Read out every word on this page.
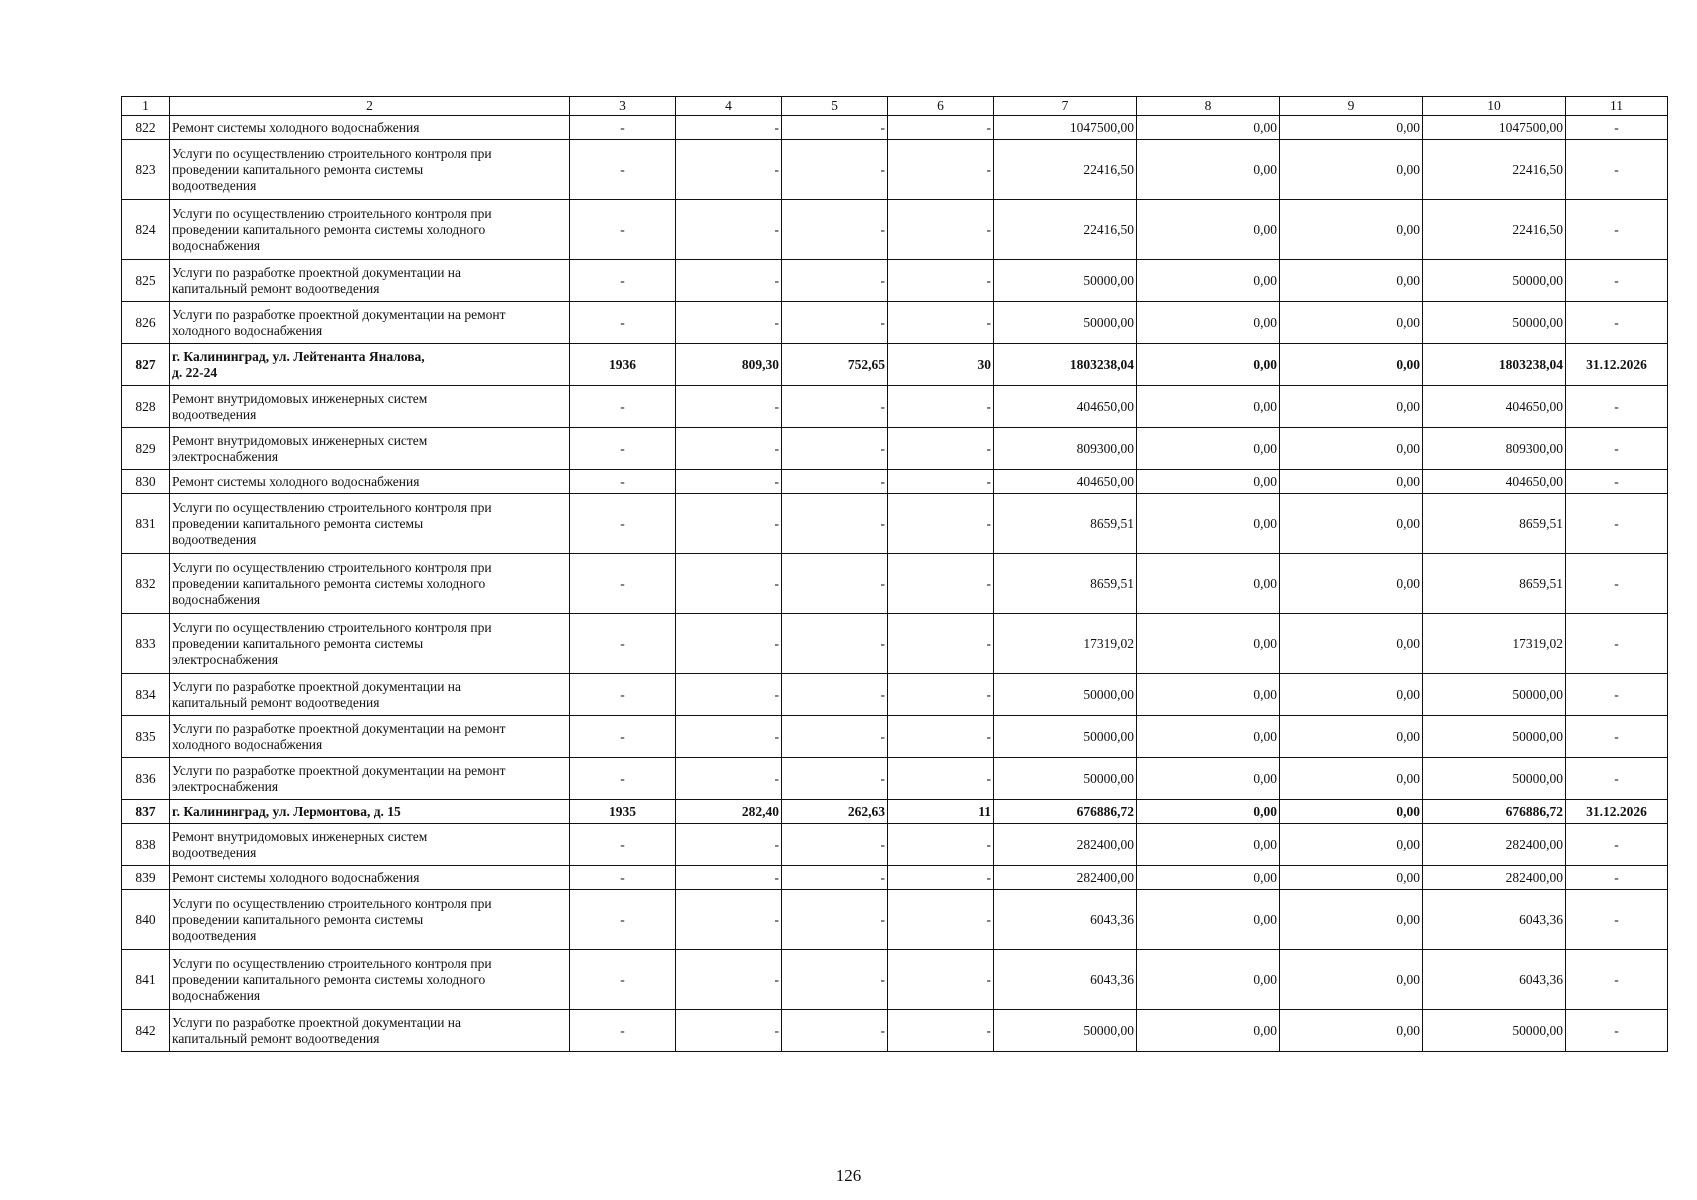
1	2	3	4	5	6	7	8	9	10	11
822	Ремонт системы холодного водоснабжения	-	-	-	-	1047500,00	0,00	0,00	1047500,00	-
823	Услуги по осуществлению строительного контроля при
проведении капитального ремонта системы
водоотведения	-	-	-	-	22416,50	0,00	0,00	22416,50	-
824	Услуги по осуществлению строительного контроля при
проведении капитального ремонта системы холодного
водоснабжения	-	-	-	-	22416,50	0,00	0,00	22416,50	-
825	Услуги по разработке проектной документации на
капитальный ремонт водоотведения	-	-	-	-	50000,00	0,00	0,00	50000,00	-
826	Услуги по разработке проектной документации на ремонт
холодного водоснабжения	-	-	-	-	50000,00	0,00	0,00	50000,00	-
827	г. Калининград, ул. Лейтенанта Яналова,
д. 22-24	1936	809,30	752,65	30	1803238,04	0,00	0,00	1803238,04	31.12.2026
828	Ремонт внутридомовых инженерных систем
водоотведения	-	-	-	-	404650,00	0,00	0,00	404650,00	-
829	Ремонт внутридомовых инженерных систем
электроснабжения	-	-	-	-	809300,00	0,00	0,00	809300,00	-
830	Ремонт системы холодного водоснабжения	-	-	-	-	404650,00	0,00	0,00	404650,00	-
831	Услуги по осуществлению строительного контроля при
проведении капитального ремонта системы
водоотведения	-	-	-	-	8659,51	0,00	0,00	8659,51	-
832	Услуги по осуществлению строительного контроля при
проведении капитального ремонта системы холодного
водоснабжения	-	-	-	-	8659,51	0,00	0,00	8659,51	-
833	Услуги по осуществлению строительного контроля при
проведении капитального ремонта системы
электроснабжения	-	-	-	-	17319,02	0,00	0,00	17319,02	-
834	Услуги по разработке проектной документации на
капитальный ремонт водоотведения	-	-	-	-	50000,00	0,00	0,00	50000,00	-
835	Услуги по разработке проектной документации на ремонт
холодного водоснабжения	-	-	-	-	50000,00	0,00	0,00	50000,00	-
836	Услуги по разработке проектной документации на ремонт
электроснабжения	-	-	-	-	50000,00	0,00	0,00	50000,00	-
837	г. Калининград, ул. Лермонтова, д. 15	1935	282,40	262,63	11	676886,72	0,00	0,00	676886,72	31.12.2026
838	Ремонт внутридомовых инженерных систем
водоотведения	-	-	-	-	282400,00	0,00	0,00	282400,00	-
839	Ремонт системы холодного водоснабжения	-	-	-	-	282400,00	0,00	0,00	282400,00	-
840	Услуги по осуществлению строительного контроля при
проведении капитального ремонта системы
водоотведения	-	-	-	-	6043,36	0,00	0,00	6043,36	-
841	Услуги по осуществлению строительного контроля при
проведении капитального ремонта системы холодного
водоснабжения	-	-	-	-	6043,36	0,00	0,00	6043,36	-
842	Услуги по разработке проектной документации на
капитальный ремонт водоотведения	-	-	-	-	50000,00	0,00	0,00	50000,00	-
126
